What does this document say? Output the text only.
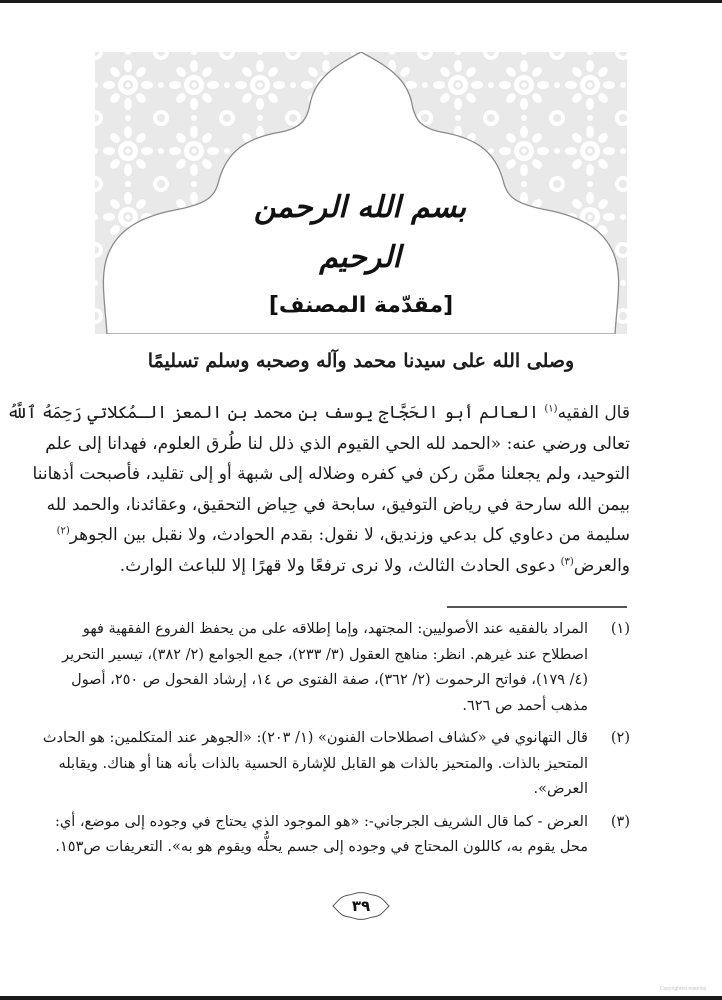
بسم الله الرحمن الرحيم
[مقدّمة المصنف]
وصلى الله على سيدنا محمد وآله وصحبه وسلم تسليمًا
قال الفقيه$^{(١)}$ العالم أبو الحَجَّاج يوسف بن محمد بن المعز الـمُكلاتي رَحِمَهُ ٱللَّهُ
تعالى ورضي عنه: «الحمد لله الحي القيوم الذي ذلل لنا طُرق العلوم، فهدانا إلى علم
التوحيد، ولم يجعلنا ممَّن ركن في كفره وضلاله إلى شبهة أو إلى تقليد، فأصبحت أذهاننا
بيمن الله سارحة في رياض التوفيق، سابحة في حِياض التحقيق، وعقائدنا، والحمد لله
سليمة من دعاوي كل بدعي وزنديق، لا نقول: بقدم الحوادث، ولا نقبل بين الجوهر$^{(٢)}$
والعرض$^{(٣)}$ دعوى الحادث الثالث، ولا نرى ترفعًا ولا قهرًا إلا للباعث الوارث.
(١)
المراد بالفقيه عند الأصوليين: المجتهد، وإما إطلاقه على من يحفظ الفروع الفقهية فهو
اصطلاح عند غيرهم. انظر: مناهج العقول (٣/ ٢٣٣)، جمع الجوامع (٢/ ٣٨٢)، تيسير التحرير
(٤/ ١٧٩)، فواتح الرحموت (٢/ ٣٦٢)، صفة الفتوى ص ١٤، إرشاد الفحول ص ٢٥٠، أصول
مذهب أحمد ص ٦٢٦.
(٢)
قال التهانوي في «كشاف اصطلاحات الفنون» (١/ ٢٠٣): «الجوهر عند المتكلمين: هو الحادث
المتحيز بالذات. والمتحيز بالذات هو القابل للإشارة الحسية بالذات بأنه هنا أو هناك. ويقابله
العرض».
(٣)
العرض - كما قال الشريف الجرجاني-: «هو الموجود الذي يحتاج في وجوده إلى موضع، أي:
محل يقوم به، كاللون المحتاج في وجوده إلى جسم يحلُّه ويقوم هو به». التعريفات ص١٥٣.
٣٩
Copyrighted material
